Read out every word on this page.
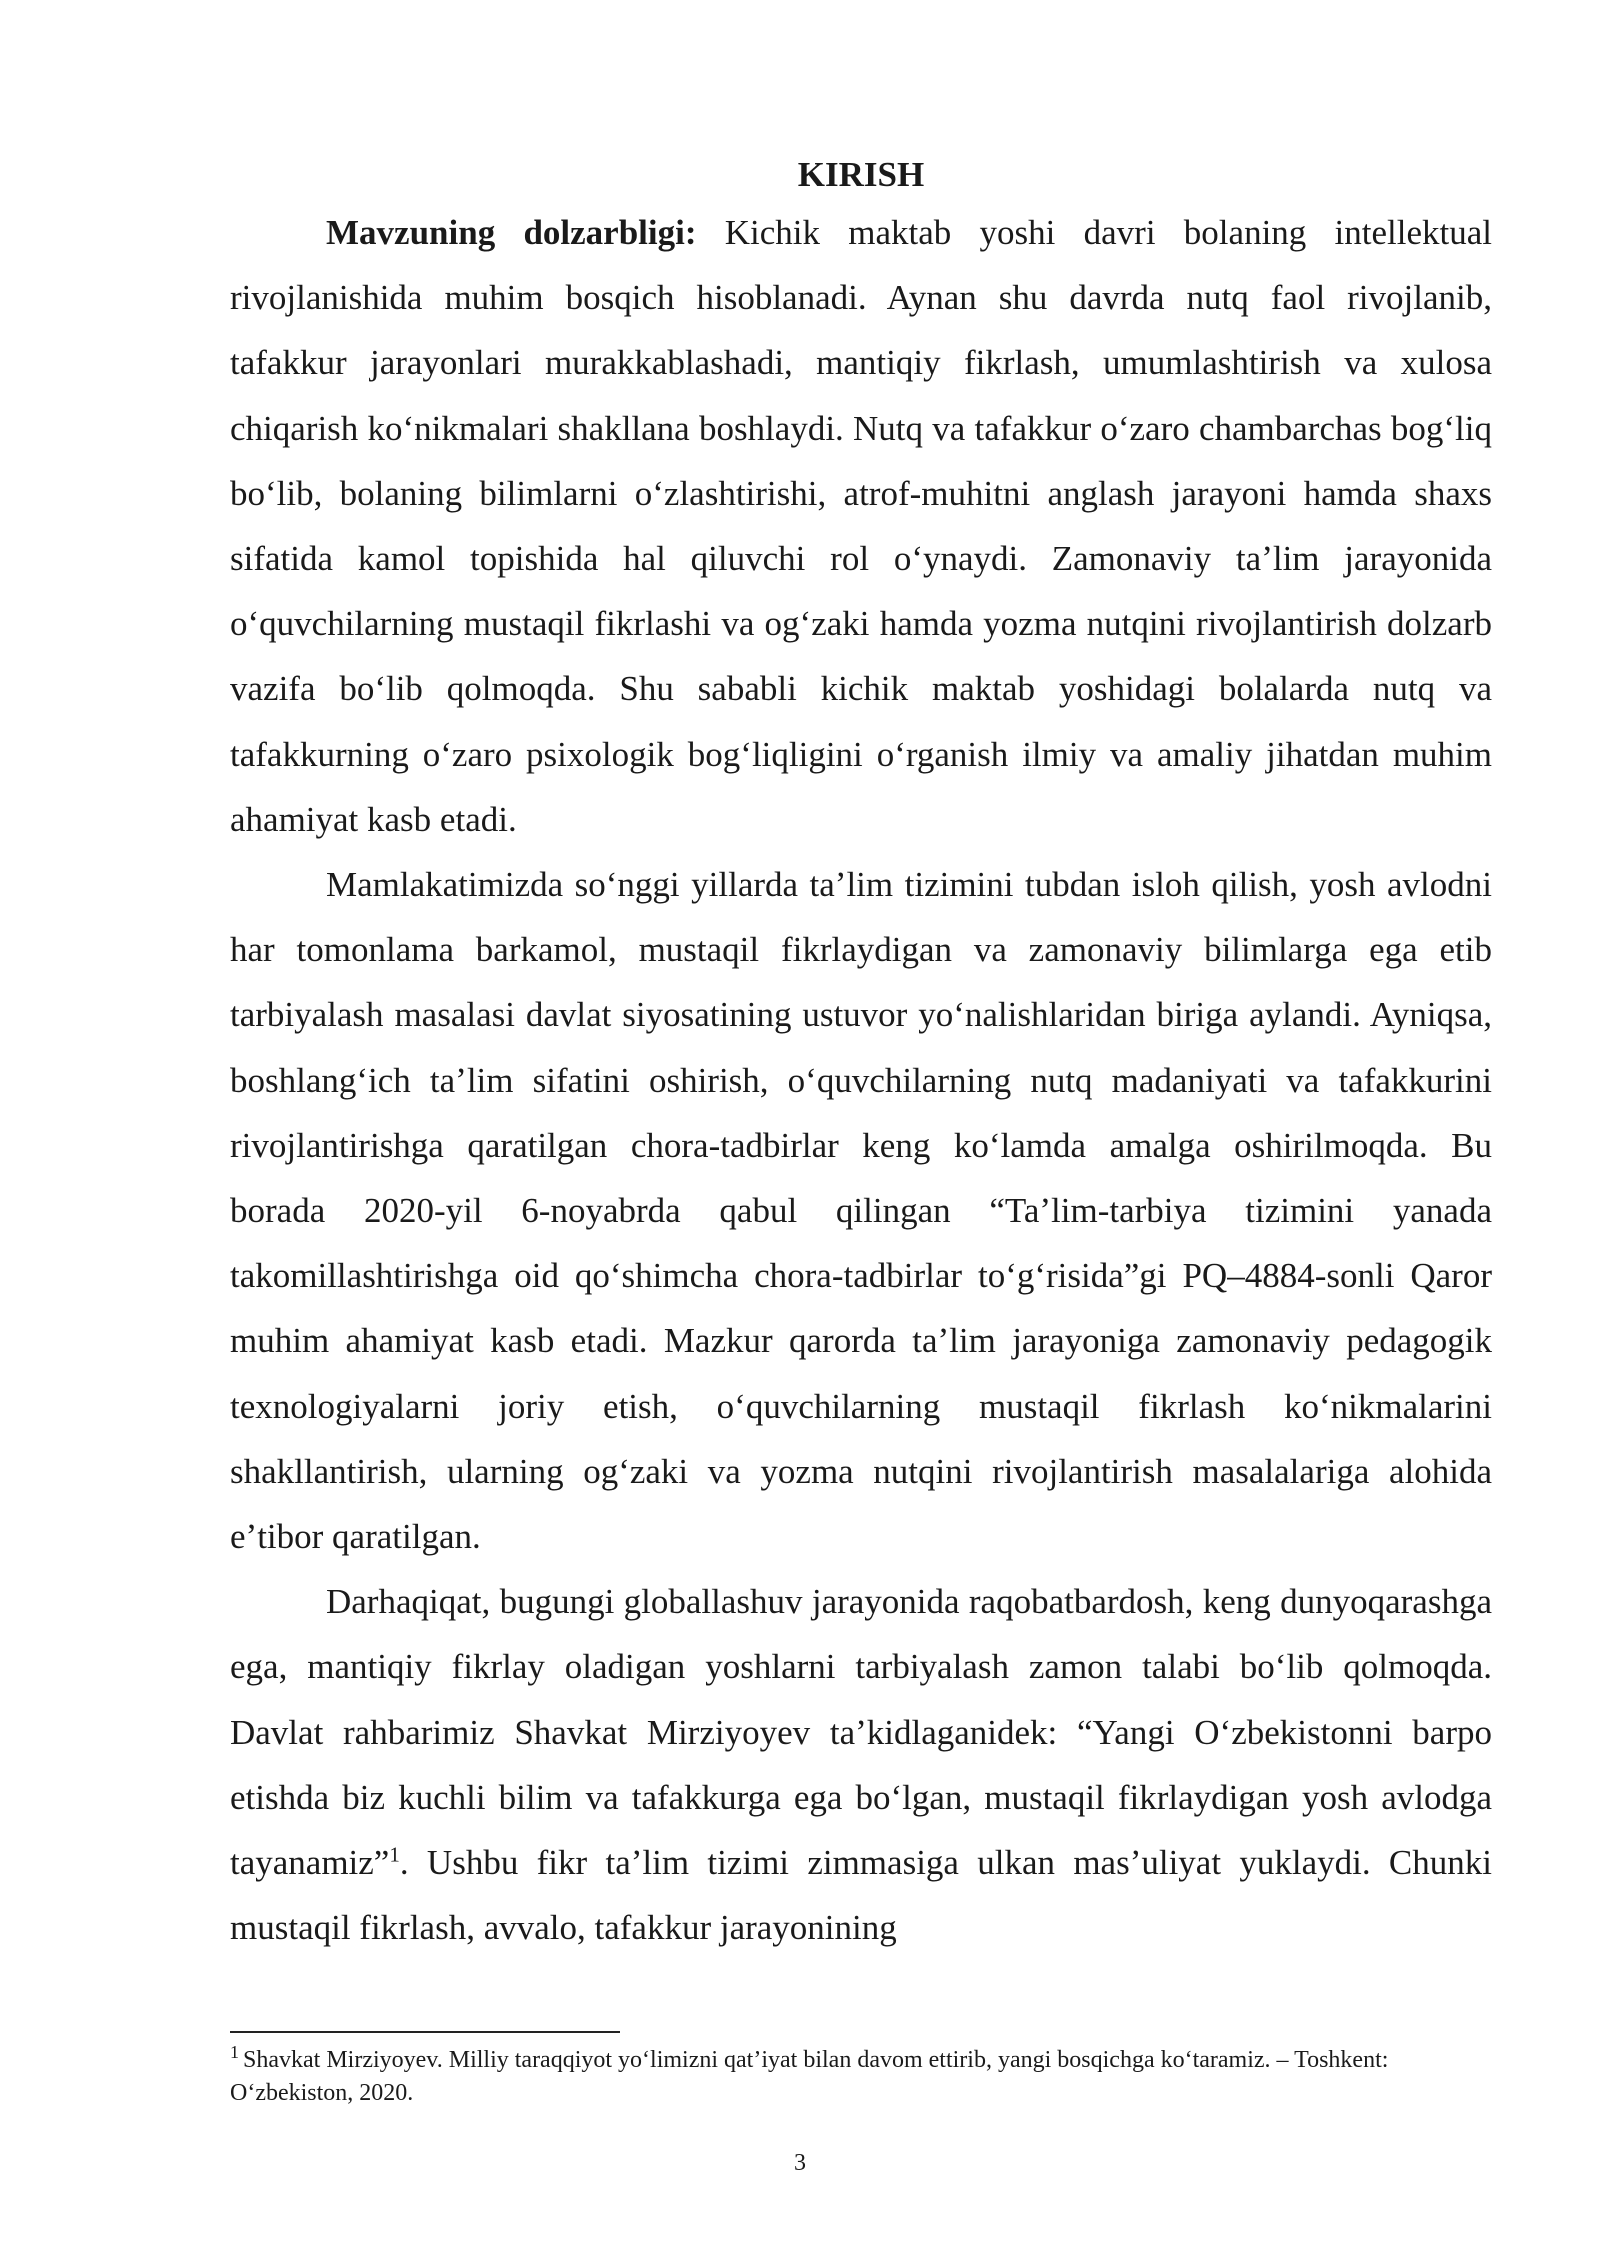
KIRISH

Mavzuning dolzarbligi: Kichik maktab yoshi davri bolaning intellektual rivojlanishida muhim bosqich hisoblanadi. Aynan shu davrda nutq faol rivojlanib, tafakkur jarayonlari murakkablashadi, mantiqiy fikrlash, umumlashtirish va xulosa chiqarish koʻnikmalari shakllana boshlaydi. Nutq va tafakkur oʻzaro chambarchas bogʻliq boʻlib, bolaning bilimlarni oʻzlashtirishi, atrof-muhitni anglash jarayoni hamda shaxs sifatida kamol topishida hal qiluvchi rol oʻynaydi. Zamonaviy taʼlim jarayonida oʻquvchilarning mustaqil fikrlashi va ogʻzaki hamda yozma nutqini rivojlantirish dolzarb vazifa boʻlib qolmoqda. Shu sababli kichik maktab yoshidagi bolalarda nutq va tafakkurning oʻzaro psixologik bogʻliqligini oʻrganish ilmiy va amaliy jihatdan muhim ahamiyat kasb etadi.

Mamlakatimizda soʻnggi yillarda taʼlim tizimini tubdan isloh qilish, yosh avlodni har tomonlama barkamol, mustaqil fikrlaydigan va zamonaviy bilimlarga ega etib tarbiyalash masalasi davlat siyosatining ustuvor yoʻnalishlaridan biriga aylandi. Ayniqsa, boshlangʻich taʼlim sifatini oshirish, oʻquvchilarning nutq madaniyati va tafakkurini rivojlantirishga qaratilgan chora-tadbirlar keng koʻlamda amalga oshirilmoqda. Bu borada 2020-yil 6-noyabrda qabul qilingan “Taʼlim-tarbiya tizimini yanada takomillashtirishga oid qoʻshimcha chora-tadbirlar toʻgʻrisida”gi PQ–4884-sonli Qaror muhim ahamiyat kasb etadi. Mazkur qarorda taʼlim jarayoniga zamonaviy pedagogik texnologiyalarni joriy etish, oʻquvchilarning mustaqil fikrlash koʻnikmalarini shakllantirish, ularning ogʻzaki va yozma nutqini rivojlantirish masalalariga alohida eʼtibor qaratilgan.

Darhaqiqat, bugungi globallashuv jarayonida raqobatbardosh, keng dunyoqarashga ega, mantiqiy fikrlay oladigan yoshlarni tarbiyalash zamon talabi boʻlib qolmoqda. Davlat rahbarimiz Shavkat Mirziyoyev taʼkidlaganidek: “Yangi Oʻzbekistonni barpo etishda biz kuchli bilim va tafakkurga ega boʻlgan, mustaqil fikrlaydigan yosh avlodga tayanamiz”$^1$. Ushbu fikr taʼlim tizimi zimmasiga ulkan masʼuliyat yuklaydi. Chunki mustaqil fikrlash, avvalo, tafakkur jarayonining

$^1$ Shavkat Mirziyoyev. Milliy taraqqiyot yoʻlimizni qatʼiyat bilan davom ettirib, yangi bosqichga koʻtaramiz. – Toshkent: Oʻzbekiston, 2020.
3
